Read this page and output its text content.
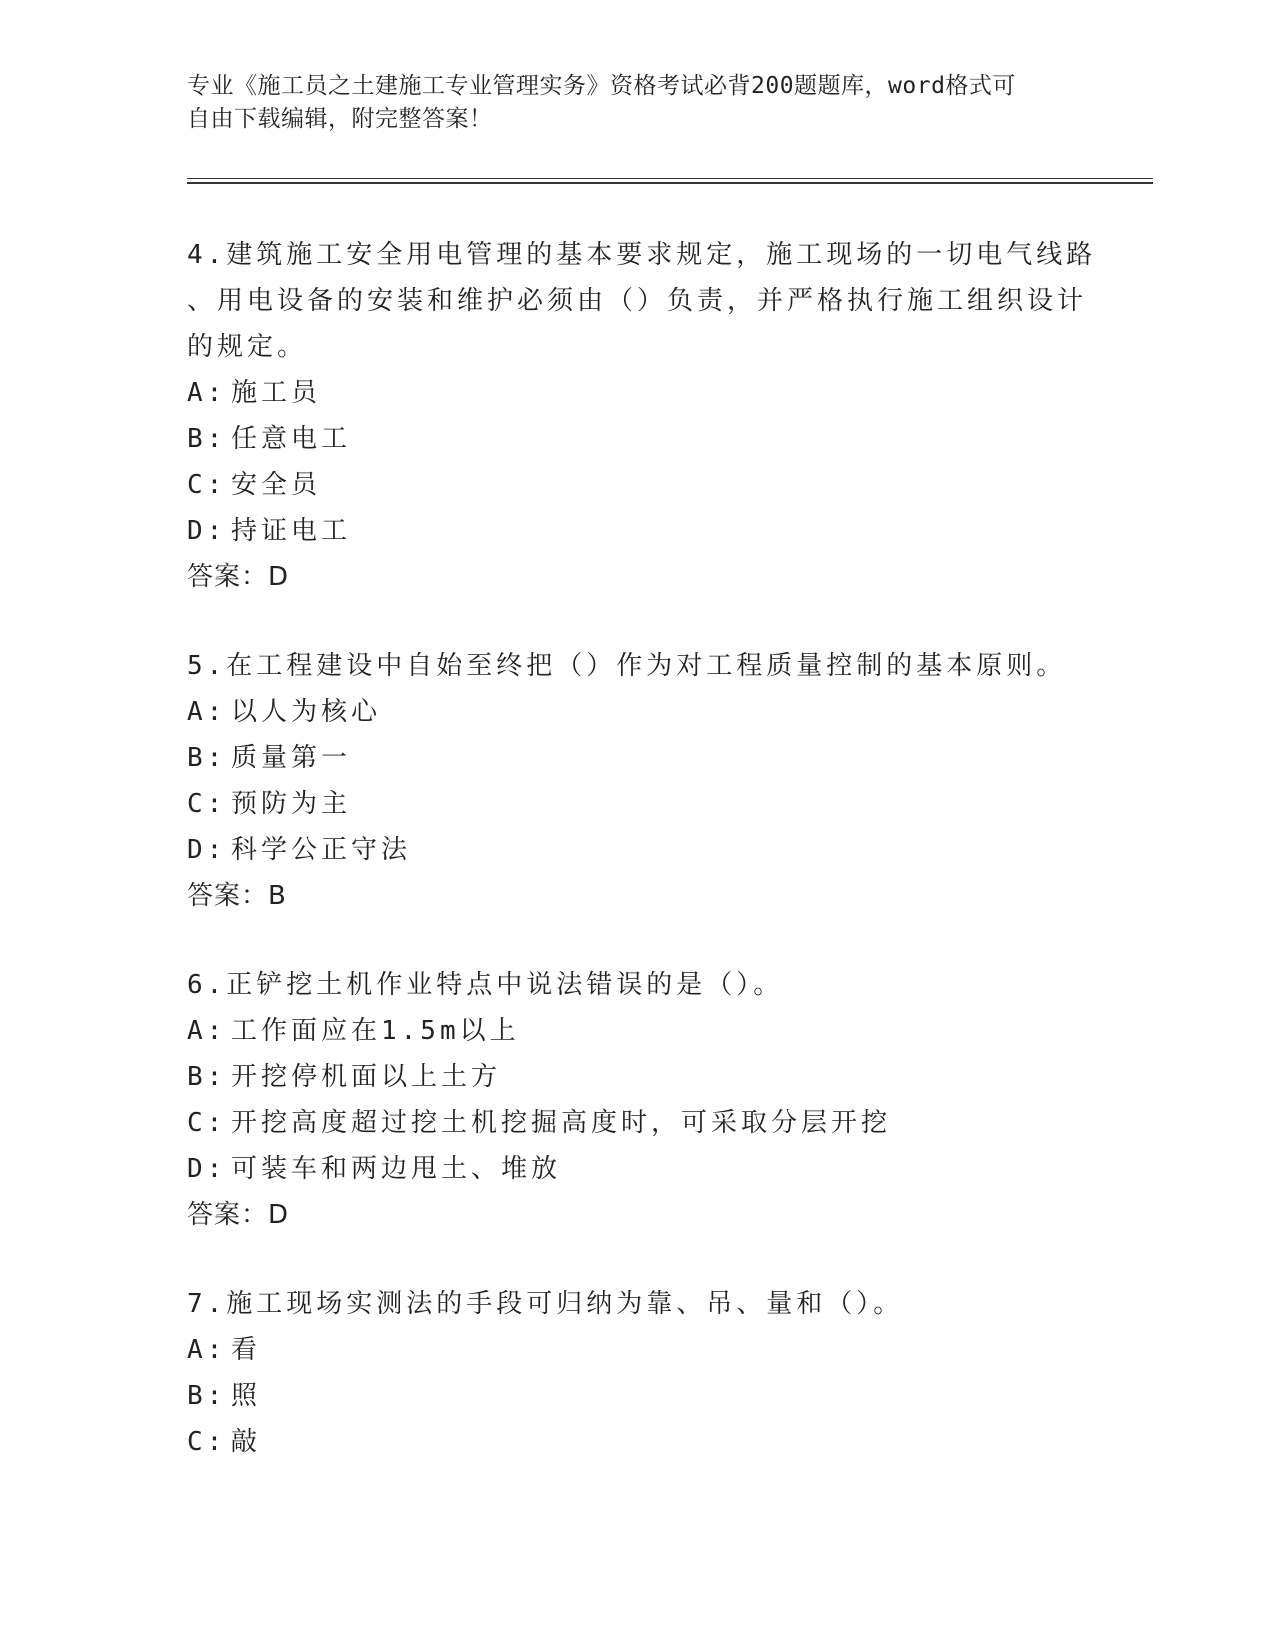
专业《施工员之土建施工专业管理实务》资格考试必背200题题库，word格式可
自由下载编辑，附完整答案！
4.建筑施工安全用电管理的基本要求规定，施工现场的一切电气线路
、用电设备的安装和维护必须由（）负责，并严格执行施工组织设计
的规定。
A: 施工员
B: 任意电工
C: 安全员
D: 持证电工
答案：D
5.在工程建设中自始至终把（）作为对工程质量控制的基本原则。
A: 以人为核心
B: 质量第一
C: 预防为主
D: 科学公正守法
答案：B
6.正铲挖土机作业特点中说法错误的是（）。
A: 工作面应在1.5m以上
B: 开挖停机面以上土方
C: 开挖高度超过挖土机挖掘高度时，可采取分层开挖
D: 可装车和两边甩土、堆放
答案：D
7.施工现场实测法的手段可归纳为靠、吊、量和（）。
A: 看
B: 照
C: 敲
